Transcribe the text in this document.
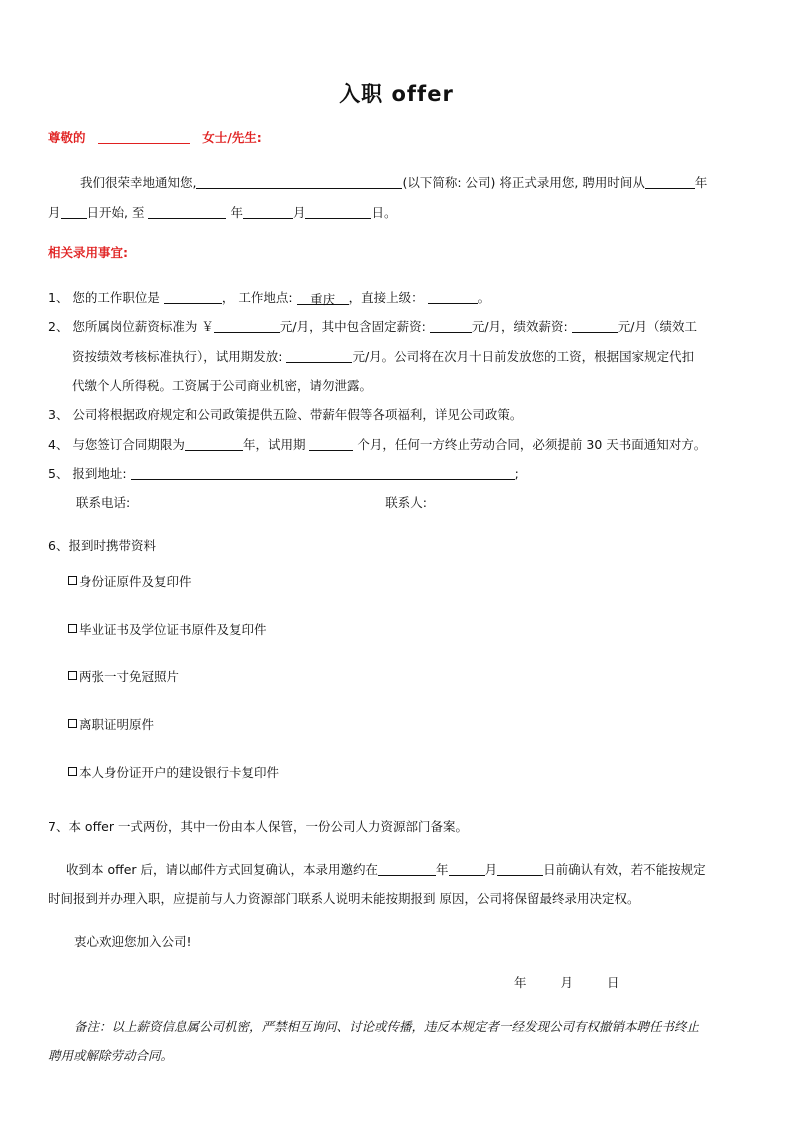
入职 offer
尊敬的	女士/先生:
我们很荣幸地通知您,	(以下简称: 公司) 将正式录用您, 聘用时间从	年
月 日开始, 至	年	月	日。
相关录用事宜:
1、 您的工作职位是	， 工作地点: 重庆 ，直接上级：	。
2、 您所属岗位薪资标准为 ￥	元/月，其中包含固定薪资:	元/月，绩效薪资:	元/月（绩效工
资按绩效考核标准执行），试用期发放:	元/月。公司将在次月十日前发放您的工资，根据国家规定代扣
代缴个人所得税。工资属于公司商业机密，请勿泄露。
3、 公司将根据政府规定和公司政策提供五险、带薪年假等各项福利，详见公司政策。
4、 与您签订合同期限为	年，试用期	个月，任何一方终止劳动合同，必须提前 30 天书面通知对方。
5、 报到地址:	;
联系电话:	联系人:
6、报到时携带资料
身份证原件及复印件
毕业证书及学位证书原件及复印件
两张一寸免冠照片
离职证明原件
本人身份证开户的建设银行卡复印件
7、本 offer 一式两份，其中一份由本人保管，一份公司人力资源部门备案。
收到本 offer 后，请以邮件方式回复确认，本录用邀约在	年	月	日前确认有效，若不能按规定
时间报到并办理入职，应提前与人力资源部门联系人说明未能按期报到 原因，公司将保留最终录用决定权。
衷心欢迎您加入公司!
年	月	日
备注：以上薪资信息属公司机密，严禁相互询问、讨论或传播，违反本规定者一经发现公司有权撤销本聘任书终止
聘用或解除劳动合同。
